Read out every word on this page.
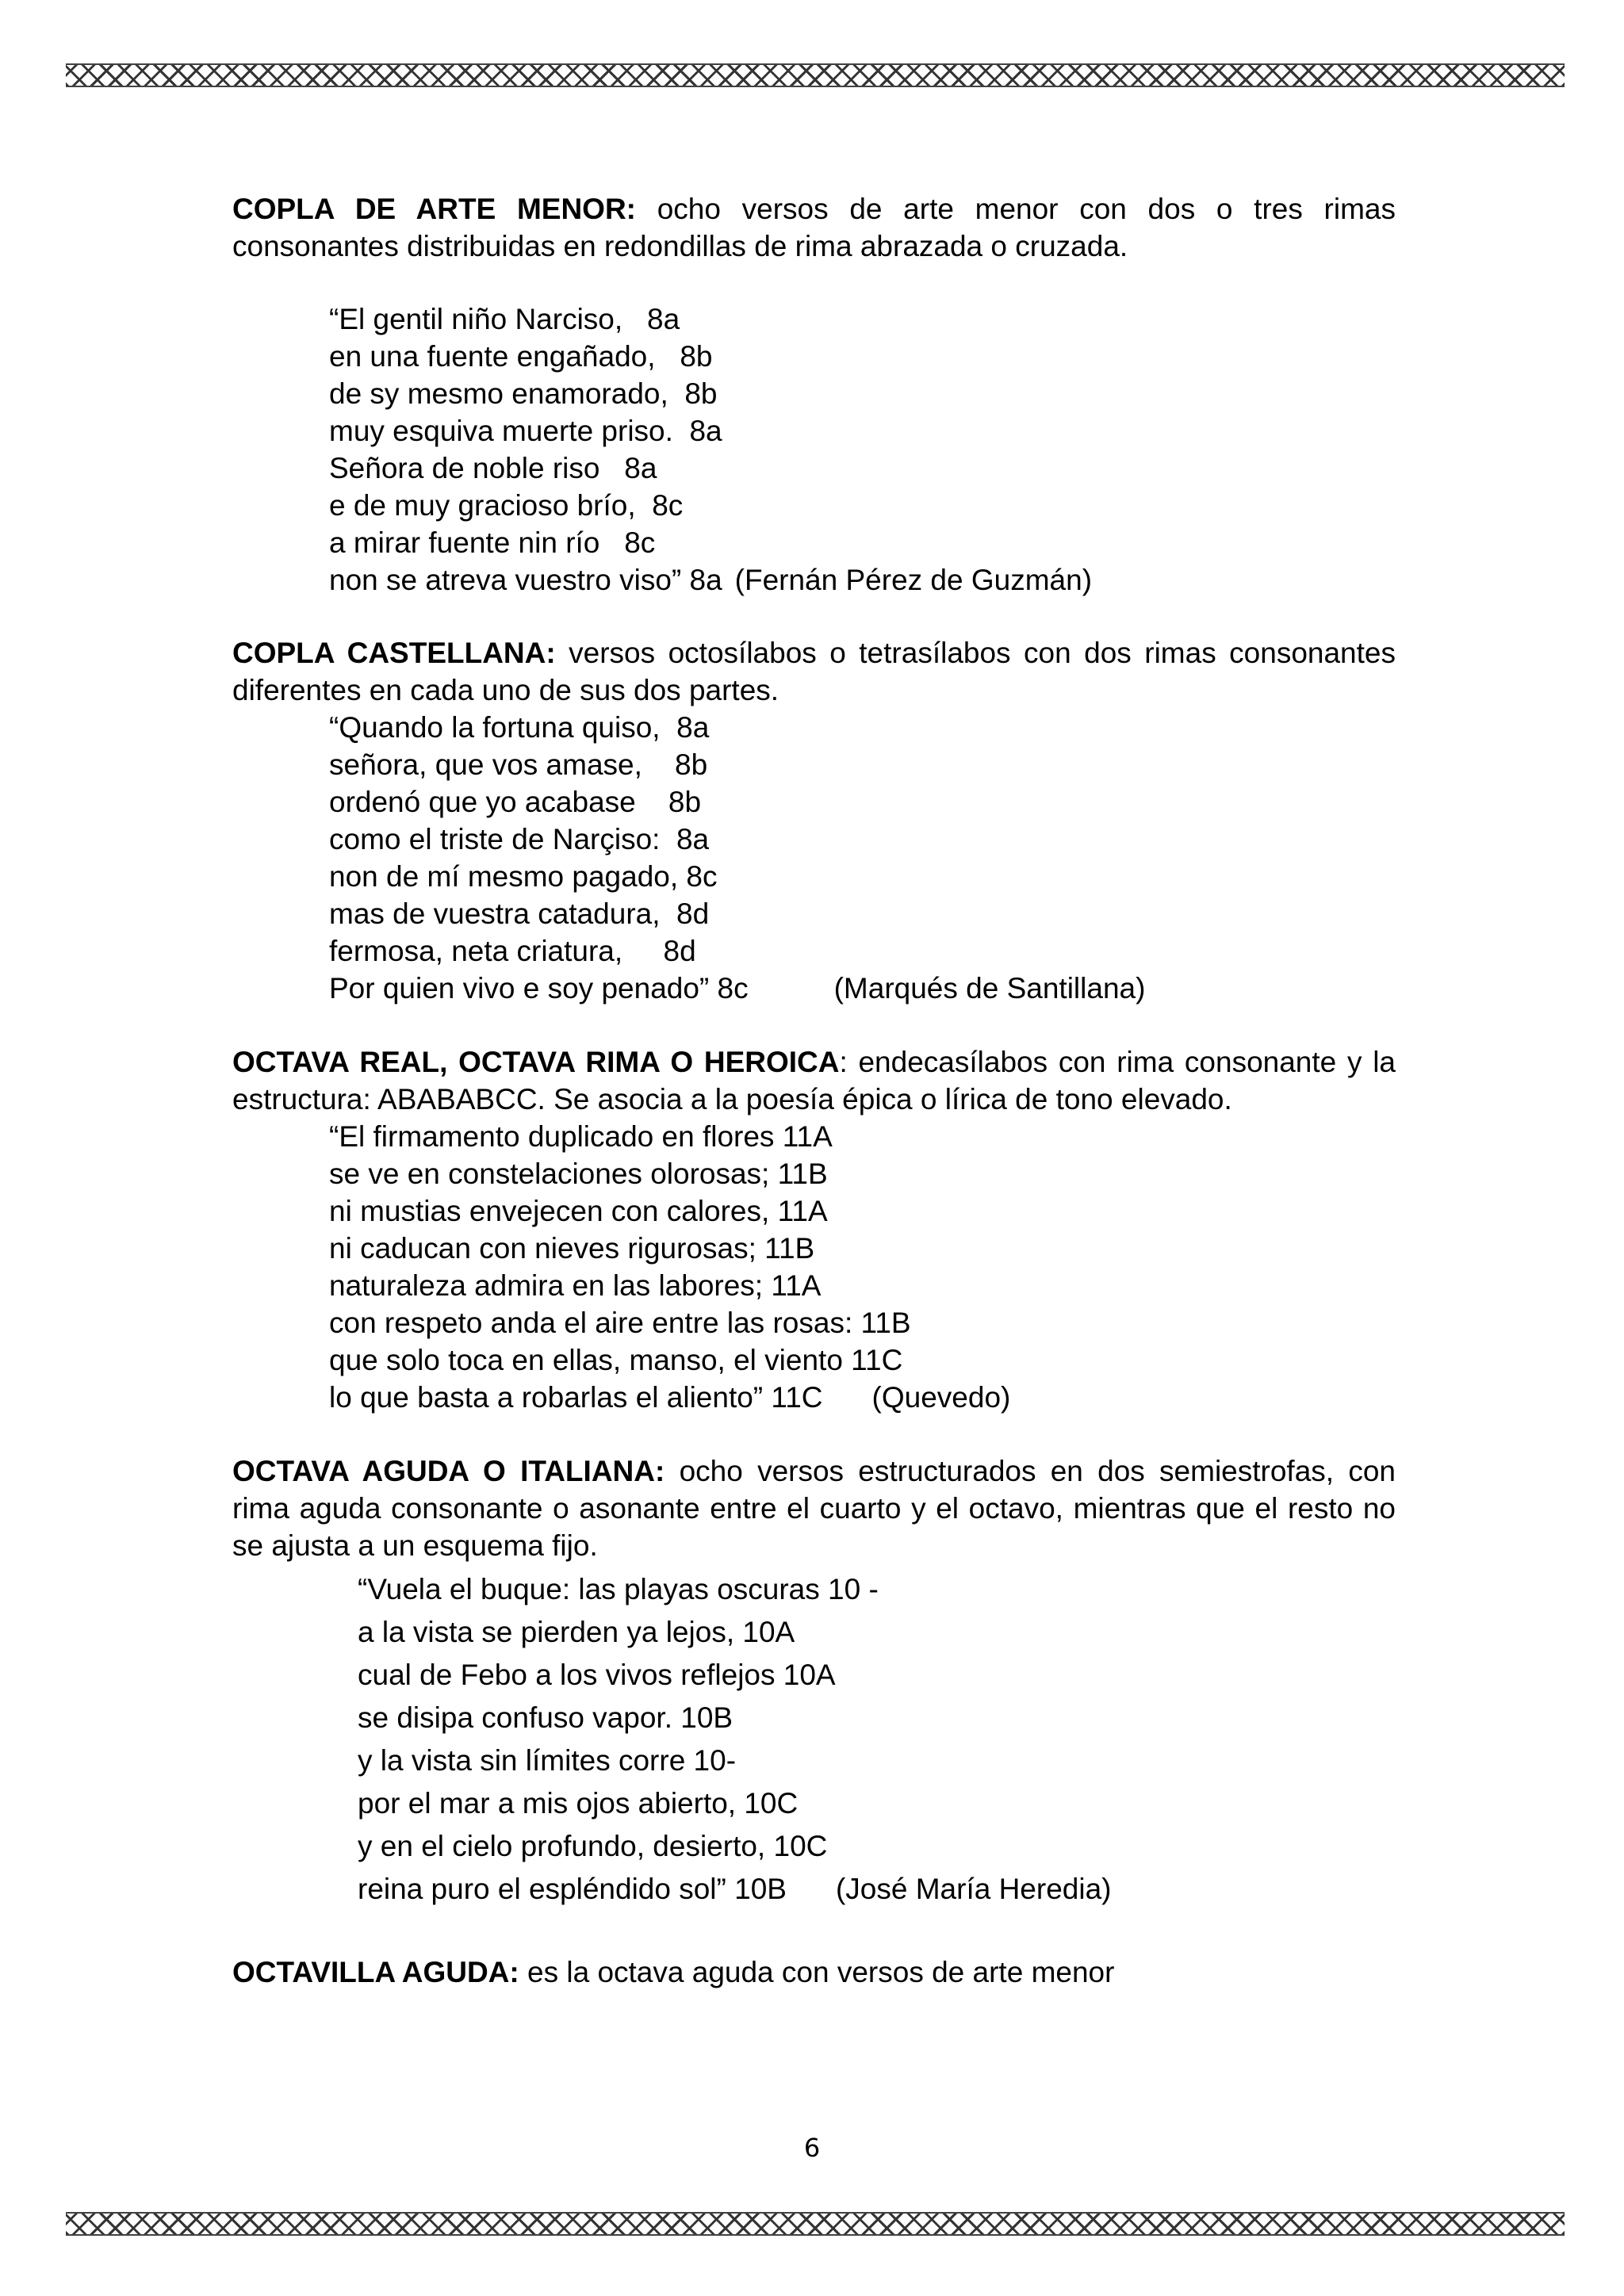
COPLA DE ARTE MENOR: ocho versos de arte menor con dos o tres rimas consonantes distribuidas en redondillas de rima abrazada o cruzada.

“El gentil niño Narciso,   8a
en una fuente engañado,   8b
de sy mesmo enamorado,  8b
muy esquiva muerte priso.  8a
Señora de noble riso   8a
e de muy gracioso brío,  8c
a mirar fuente nin río   8c
non se atreva vuestro viso” 8a (Fernán Pérez de Guzmán)

COPLA CASTELLANA: versos octosílabos o tetrasílabos con dos rimas consonantes diferentes en cada uno de sus dos partes.

“Quando la fortuna quiso,  8a
señora, que vos amase,    8b
ordenó que yo acabase    8b
como el triste de Narçiso:  8a
non de mí mesmo pagado, 8c
mas de vuestra catadura,  8d
fermosa, neta criatura,     8d
Por quien vivo e soy penado” 8c	(Marqués de Santillana)

OCTAVA REAL, OCTAVA RIMA O HEROICA: endecasílabos con rima consonante y la estructura: ABABABCC. Se asocia a la poesía épica o lírica de tono elevado.

“El firmamento duplicado en flores 11A
se ve en constelaciones olorosas; 11B
ni mustias envejecen con calores, 11A
ni caducan con nieves rigurosas; 11B
naturaleza admira en las labores; 11A
con respeto anda el aire entre las rosas: 11B
que solo toca en ellas, manso, el viento 11C
lo que basta a robarlas el aliento” 11C (Quevedo)

OCTAVA AGUDA O ITALIANA: ocho versos estructurados en dos semiestrofas, con rima aguda consonante o asonante entre el cuarto y el octavo, mientras que el resto no se ajusta a un esquema fijo.

“Vuela el buque: las playas oscuras 10 -
a la vista se pierden ya lejos, 10A
cual de Febo a los vivos reflejos 10A
se disipa confuso vapor. 10B
y la vista sin límites corre 10-
por el mar a mis ojos abierto, 10C
y en el cielo profundo, desierto, 10C
reina puro el espléndido sol” 10B (José María Heredia)

OCTAVILLA AGUDA: es la octava aguda con versos de arte menor

6
